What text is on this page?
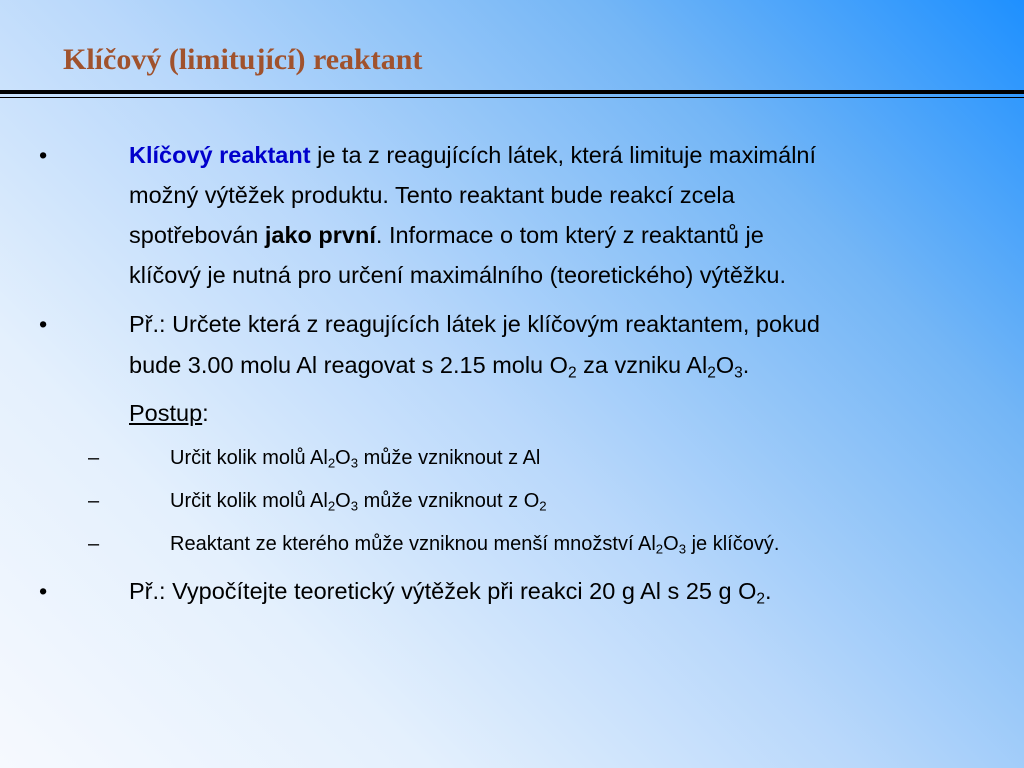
Klíčový (limitující) reaktant
•	Klíčový reaktant je ta z reagujících látek, která limituje maximální
možný výtěžek produktu. Tento reaktant bude reakcí zcela
spotřebován jako první. Informace o tom který z reaktantů je
klíčový je nutná pro určení maximálního (teoretického) výtěžku.
•	Př.: Určete která z reagujících látek je klíčovým reaktantem, pokud
bude 3.00 molu Al reagovat s 2.15 molu $O_2$ za vzniku $Al_2O_3$.
Postup:
–	Určit kolik molů $Al_2O_3$ může vzniknout z Al
–	Určit kolik molů $Al_2O_3$ může vzniknout z $O_2$
–	Reaktant ze kterého může vzniknou menší množství $Al_2O_3$ je klíčový.
•	Př.: Vypočítejte teoretický výtěžek při reakci 20 g Al s 25 g $O_2$.
